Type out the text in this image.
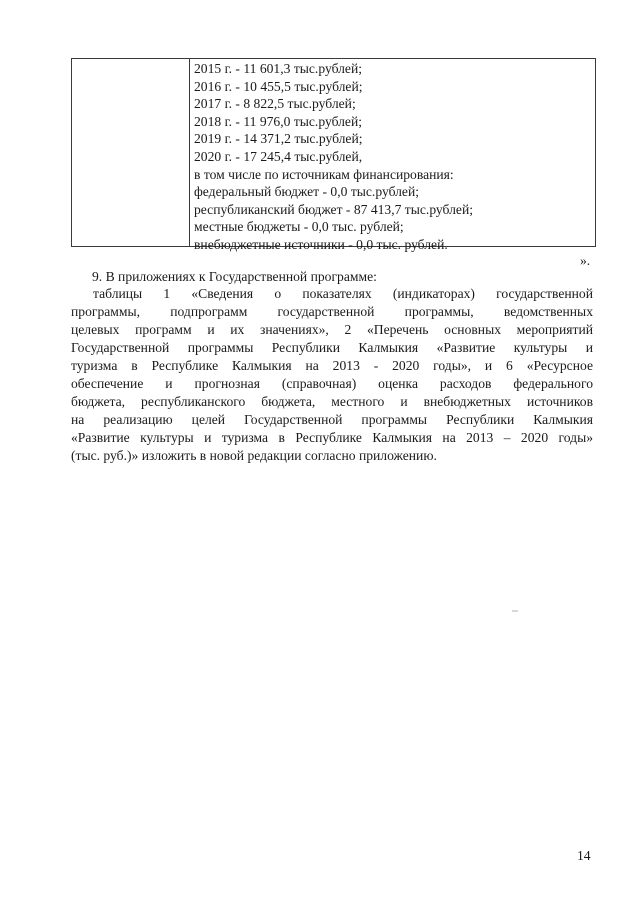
2015 г. - 11 601,3 тыс.рублей;
2016 г. - 10 455,5 тыс.рублей;
2017 г. - 8 822,5 тыс.рублей;
2018 г. - 11 976,0 тыс.рублей;
2019 г. - 14 371,2 тыс.рублей;
2020 г. - 17 245,4 тыс.рублей,
в том числе по источникам финансирования:
федеральный бюджет - 0,0 тыс.рублей;
республиканский бюджет - 87 413,7 тыс.рублей;
местные бюджеты - 0,0 тыс. рублей;
внебюджетные источники - 0,0 тыс. рублей.
».
9. В приложениях к Государственной программе:
таблицы 1 «Сведения о показателях (индикаторах) государственной
программы, подпрограмм государственной программы, ведомственных
целевых программ и их значениях», 2 «Перечень основных мероприятий
Государственной программы Республики Калмыкия «Развитие культуры и
туризма в Республике Калмыкия на 2013 - 2020 годы», и 6 «Ресурсное
обеспечение и прогнозная (справочная) оценка расходов федерального
бюджета, республиканского бюджета, местного и внебюджетных источников
на реализацию целей Государственной программы Республики Калмыкия
«Развитие культуры и туризма в Республике Калмыкия на 2013 – 2020 годы»
(тыс. руб.)» изложить в новой редакции согласно приложению.
14
